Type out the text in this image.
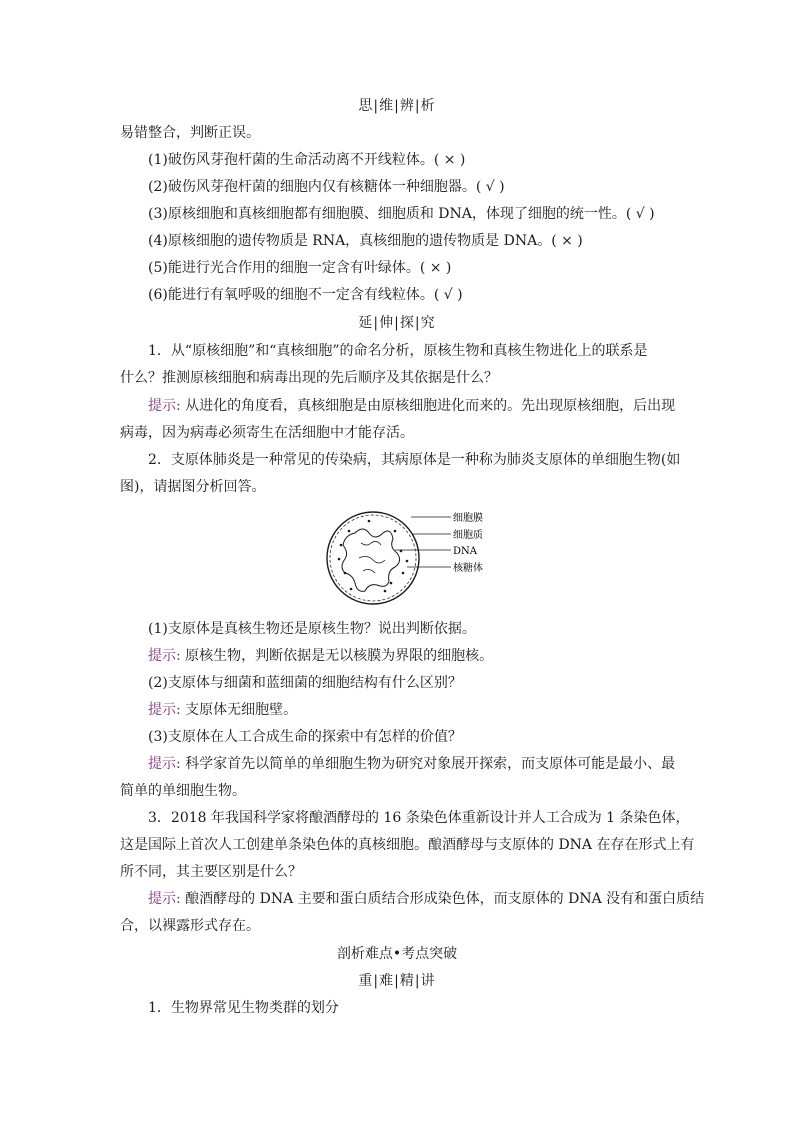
思|维|辨|析
易错整合，判断正误。
(1)破伤风芽孢杆菌的生命活动离不开线粒体。( × )
(2)破伤风芽孢杆菌的细胞内仅有核糖体一种细胞器。( √ )
(3)原核细胞和真核细胞都有细胞膜、细胞质和 DNA，体现了细胞的统一性。( √ )
(4)原核细胞的遗传物质是 RNA，真核细胞的遗传物质是 DNA。( × )
(5)能进行光合作用的细胞一定含有叶绿体。( × )
(6)能进行有氧呼吸的细胞不一定含有线粒体。( √ )
延|伸|探|究
1．从“原核细胞”和“真核细胞”的命名分析，原核生物和真核生物进化上的联系是
什么？推测原核细胞和病毒出现的先后顺序及其依据是什么？
提示: 从进化的角度看，真核细胞是由原核细胞进化而来的。先出现原核细胞，后出现
病毒，因为病毒必须寄生在活细胞中才能存活。
2．支原体肺炎是一种常见的传染病，其病原体是一种称为肺炎支原体的单细胞生物(如
图)，请据图分析回答。
细胞膜
细胞质
DNA
核糖体
(1)支原体是真核生物还是原核生物？说出判断依据。
提示: 原核生物，判断依据是无以核膜为界限的细胞核。
(2)支原体与细菌和蓝细菌的细胞结构有什么区别？
提示: 支原体无细胞壁。
(3)支原体在人工合成生命的探索中有怎样的价值？
提示: 科学家首先以简单的单细胞生物为研究对象展开探索，而支原体可能是最小、最
简单的单细胞生物。
3．2018 年我国科学家将酿酒酵母的 16 条染色体重新设计并人工合成为 1 条染色体，
这是国际上首次人工创建单条染色体的真核细胞。酿酒酵母与支原体的 DNA 在存在形式上有
所不同，其主要区别是什么？
提示: 酿酒酵母的 DNA 主要和蛋白质结合形成染色体，而支原体的 DNA 没有和蛋白质结
合，以裸露形式存在。
剖析难点•考点突破
重|难|精|讲
1．生物界常见生物类群的划分
